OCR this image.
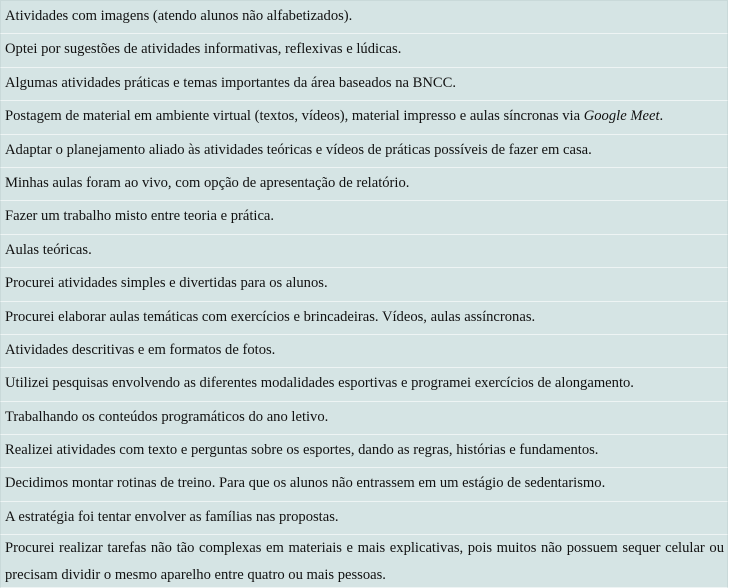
Atividades com imagens (atendo alunos não alfabetizados).
Optei por sugestões de atividades informativas, reflexivas e lúdicas.
Algumas atividades práticas e temas importantes da área baseados na BNCC.
Postagem de material em ambiente virtual (textos, vídeos), material impresso e aulas síncronas via Google Meet.
Adaptar o planejamento aliado às atividades teóricas e vídeos de práticas possíveis de fazer em casa.
Minhas aulas foram ao vivo, com opção de apresentação de relatório.
Fazer um trabalho misto entre teoria e prática.
Aulas teóricas.
Procurei atividades simples e divertidas para os alunos.
Procurei elaborar aulas temáticas com exercícios e brincadeiras. Vídeos, aulas assíncronas.
Atividades descritivas e em formatos de fotos.
Utilizei pesquisas envolvendo as diferentes modalidades esportivas e programei exercícios de alongamento.
Trabalhando os conteúdos programáticos do ano letivo.
Realizei atividades com texto e perguntas sobre os esportes, dando as regras, histórias e fundamentos.
Decidimos montar rotinas de treino. Para que os alunos não entrassem em um estágio de sedentarismo.
A estratégia foi tentar envolver as famílias nas propostas.
Procurei realizar tarefas não tão complexas em materiais e mais explicativas, pois muitos não possuem sequer celular ou precisam dividir o mesmo aparelho entre quatro ou mais pessoas.
